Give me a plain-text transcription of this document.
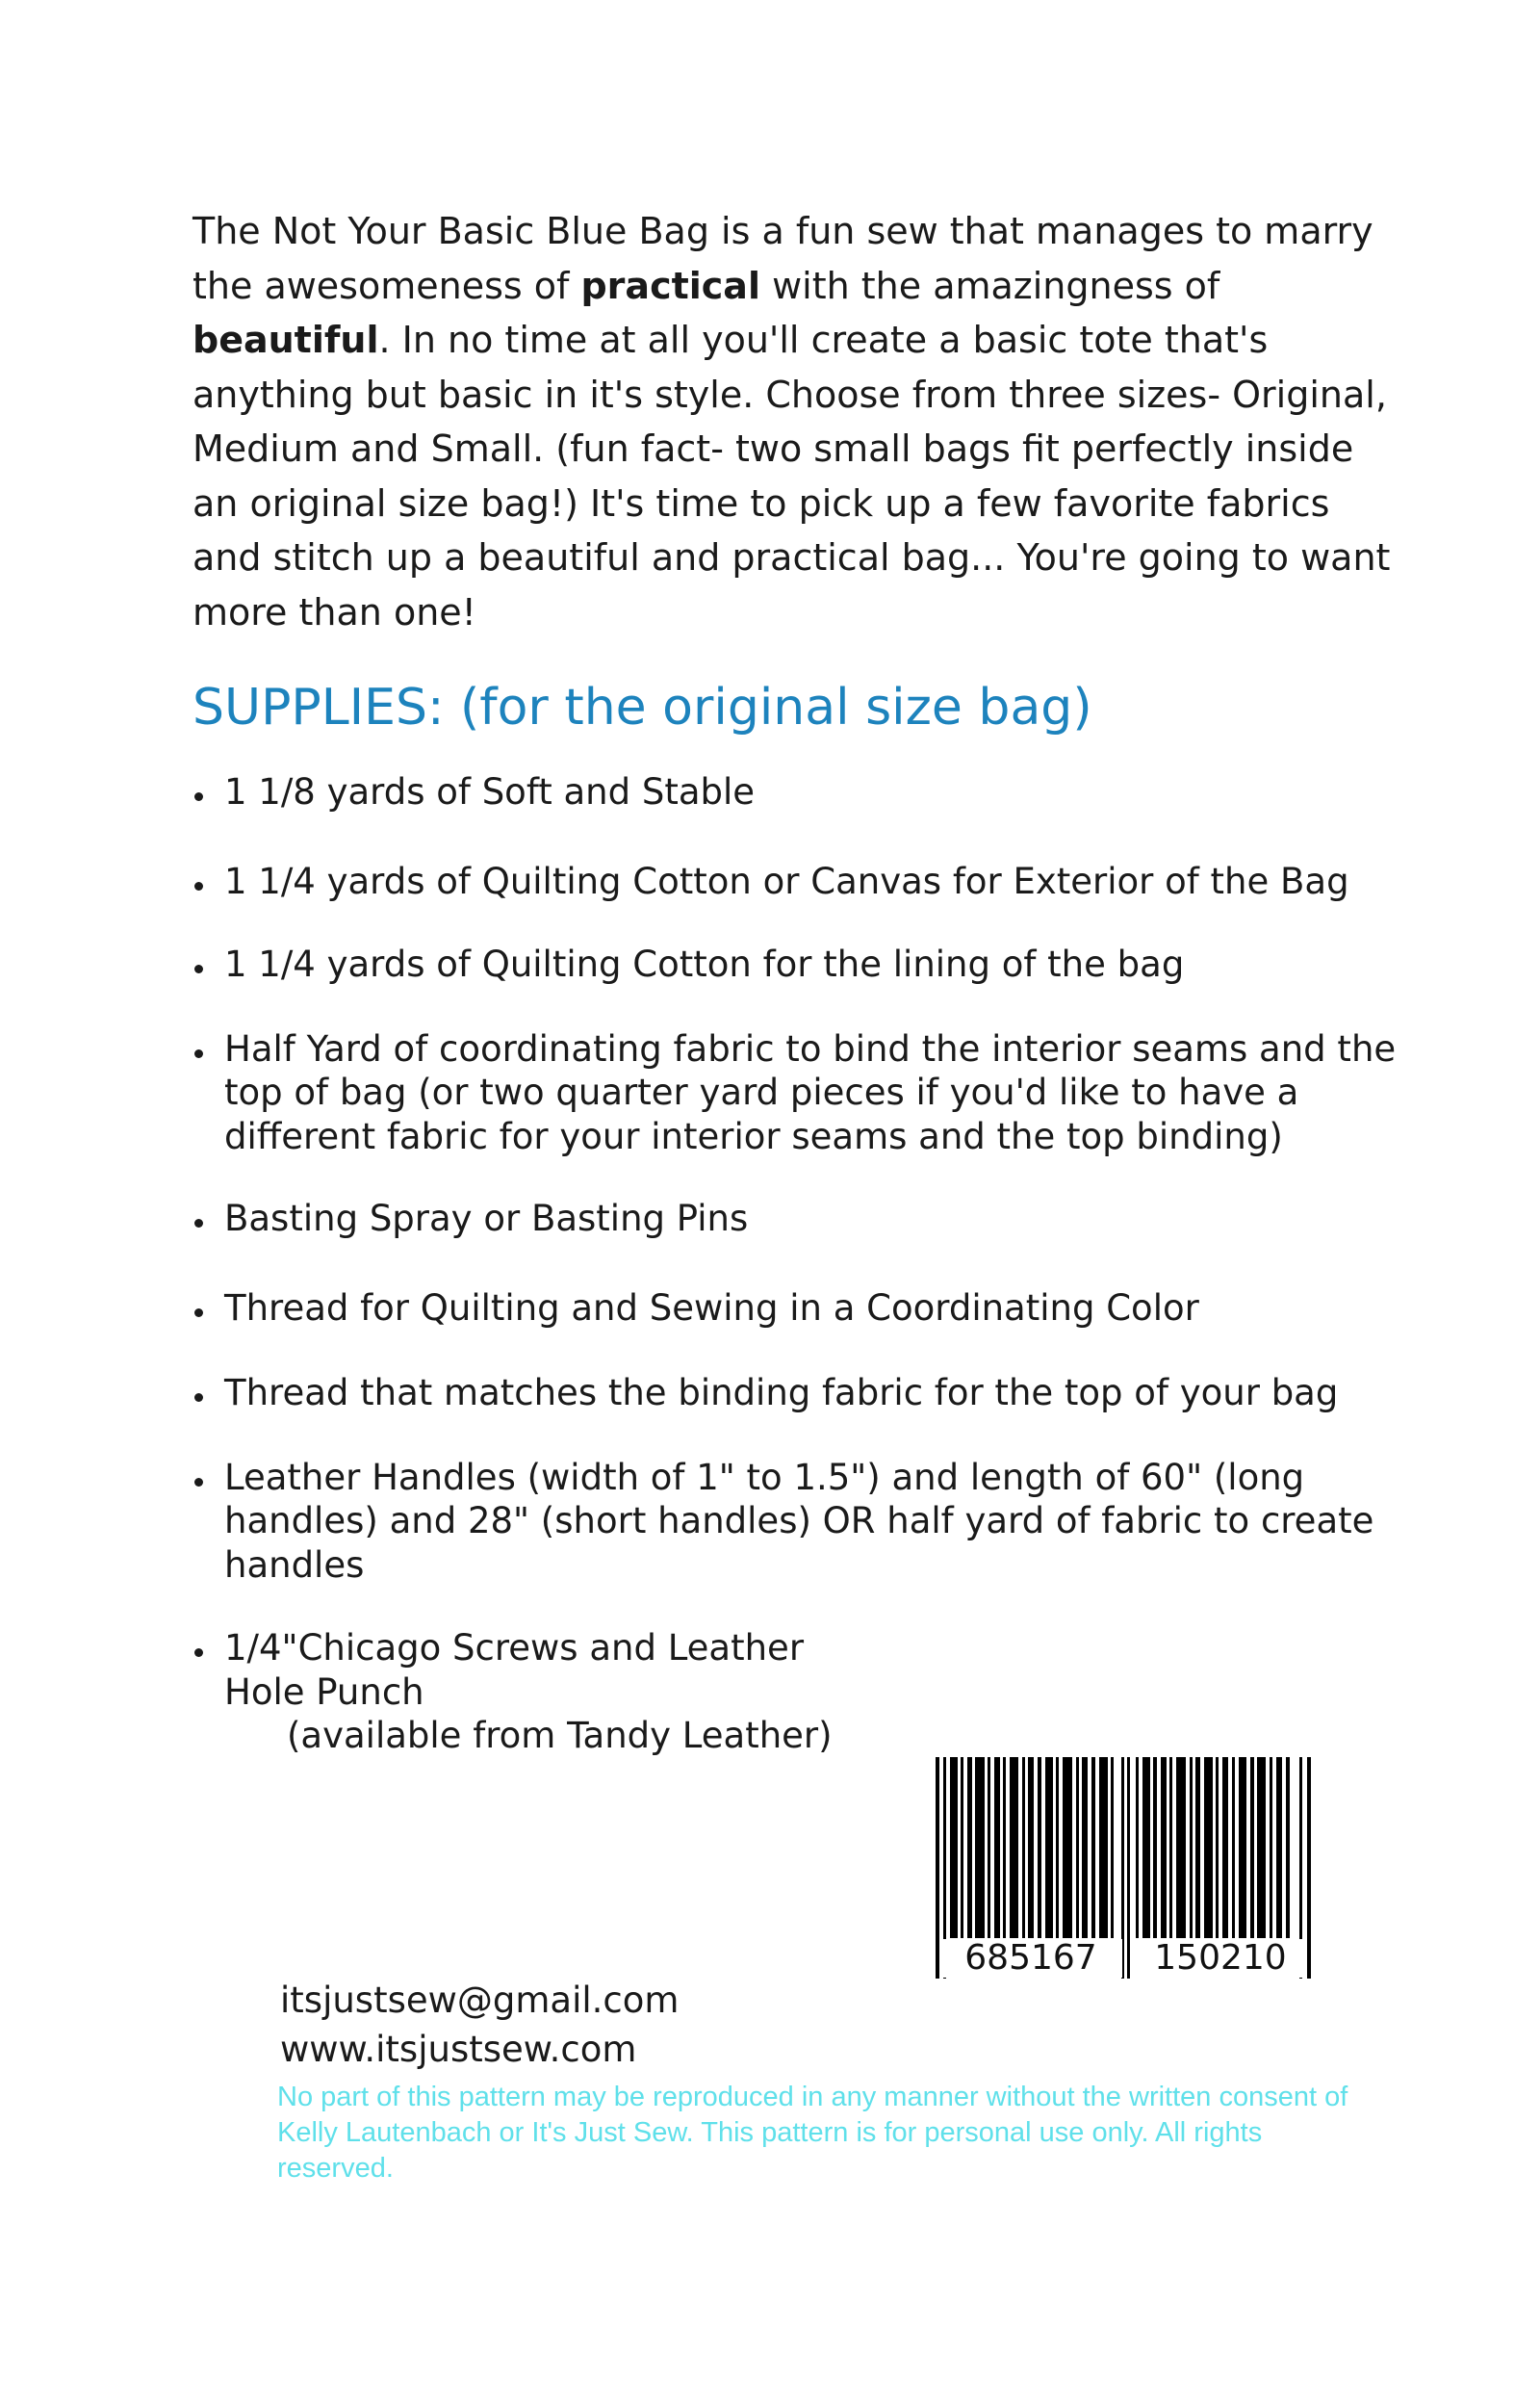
The Not Your Basic Blue Bag is a fun sew that manages to marry the awesomeness of practical with the amazingness of beautiful. In no time at all you'll create a basic tote that's anything but basic in it's style. Choose from three sizes- Original, Medium and Small. (fun fact- two small bags fit perfectly inside an original size bag!) It's time to pick up a few favorite fabrics and stitch up a beautiful and practical bag... You're going to want more than one!

SUPPLIES: (for the original size bag)
1 1/8 yards of Soft and Stable
1 1/4 yards of Quilting Cotton or Canvas for Exterior of the Bag
1 1/4 yards of Quilting Cotton for the lining of the bag
Half Yard of coordinating fabric to bind the interior seams and the top of bag (or two quarter yard pieces if you'd like to have a different fabric for your interior seams and the top binding)
Basting Spray or Basting Pins
Thread for Quilting and Sewing in a Coordinating Color
Thread that matches the binding fabric for the top of your bag
Leather Handles (width of 1" to 1.5") and length of 60" (long handles) and 28" (short handles) OR half yard of fabric to create handles
1/4"Chicago Screws and Leather Hole Punch
(available from Tandy Leather)
685167	150210
itsjustsew@gmail.com
www.itsjustsew.com

No part of this pattern may be reproduced in any manner without the written consent of Kelly Lautenbach or It's Just Sew. This pattern is for personal use only. All rights reserved.
